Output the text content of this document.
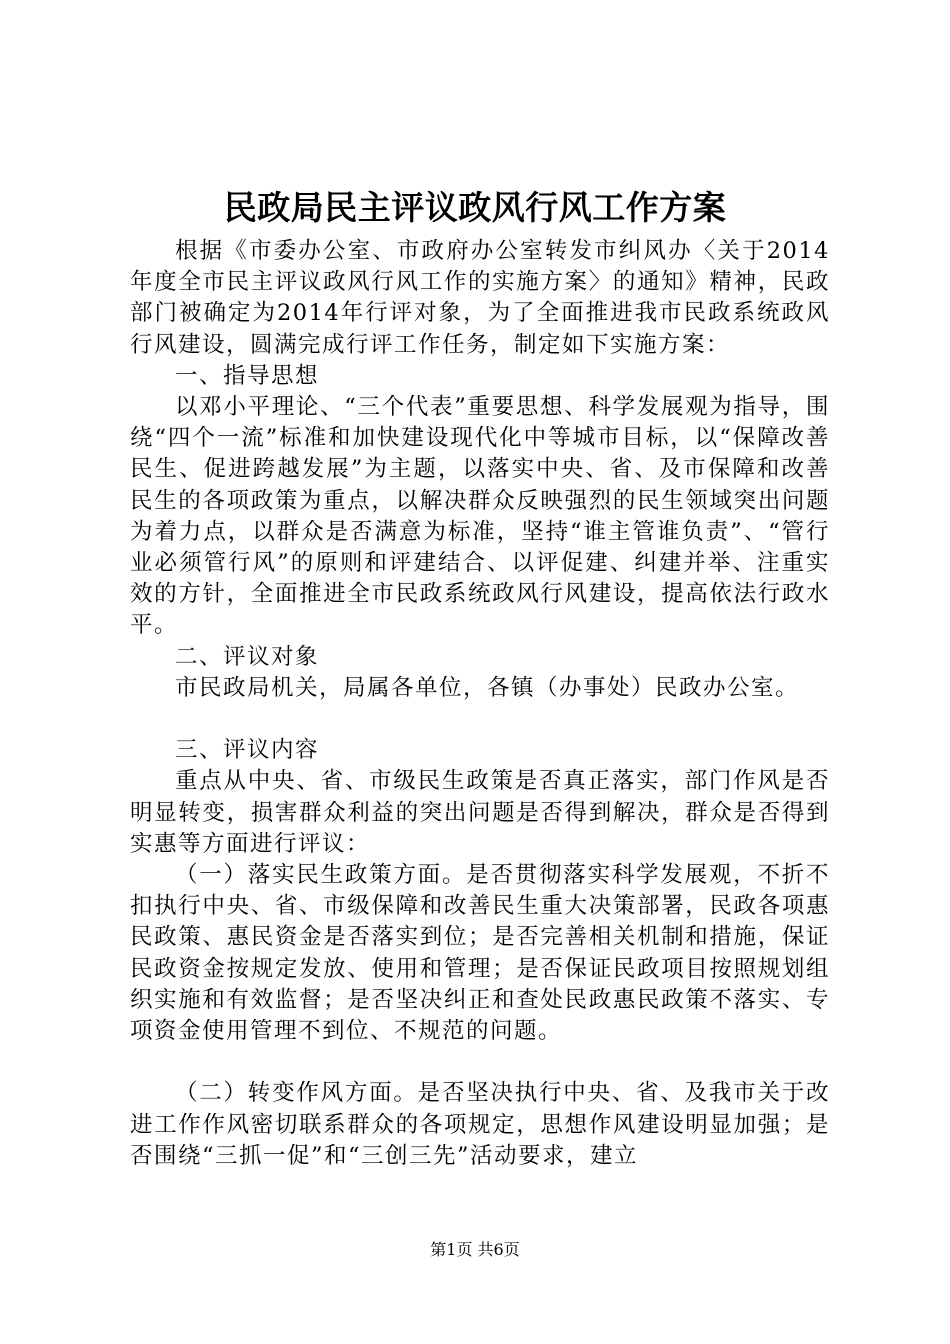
民政局民主评议政风行风工作方案

根据《市委办公室、市政府办公室转发市纠风办〈关于2014年度全市民主评议政风行风工作的实施方案〉的通知》精神，民政部门被确定为2014年行评对象，为了全面推进我市民政系统政风行风建设，圆满完成行评工作任务，制定如下实施方案：

一、指导思想

以邓小平理论、“三个代表”重要思想、科学发展观为指导，围绕“四个一流”标准和加快建设现代化中等城市目标，以“保障改善民生、促进跨越发展”为主题，以落实中央、省、及市保障和改善民生的各项政策为重点，以解决群众反映强烈的民生领域突出问题为着力点，以群众是否满意为标准，坚持“谁主管谁负责”、“管行业必须管行风”的原则和评建结合、以评促建、纠建并举、注重实效的方针，全面推进全市民政系统政风行风建设，提高依法行政水平。

二、评议对象

市民政局机关，局属各单位，各镇（办事处）民政办公室。

三、评议内容

重点从中央、省、市级民生政策是否真正落实，部门作风是否明显转变，损害群众利益的突出问题是否得到解决，群众是否得到实惠等方面进行评议：

（一）落实民生政策方面。是否贯彻落实科学发展观，不折不扣执行中央、省、市级保障和改善民生重大决策部署，民政各项惠民政策、惠民资金是否落实到位；是否完善相关机制和措施，保证民政资金按规定发放、使用和管理；是否保证民政项目按照规划组织实施和有效监督；是否坚决纠正和查处民政惠民政策不落实、专项资金使用管理不到位、不规范的问题。

（二）转变作风方面。是否坚决执行中央、省、及我市关于改进工作作风密切联系群众的各项规定，思想作风建设明显加强；是否围绕“三抓一促”和“三创三先”活动要求，建立

第1页 共6页
